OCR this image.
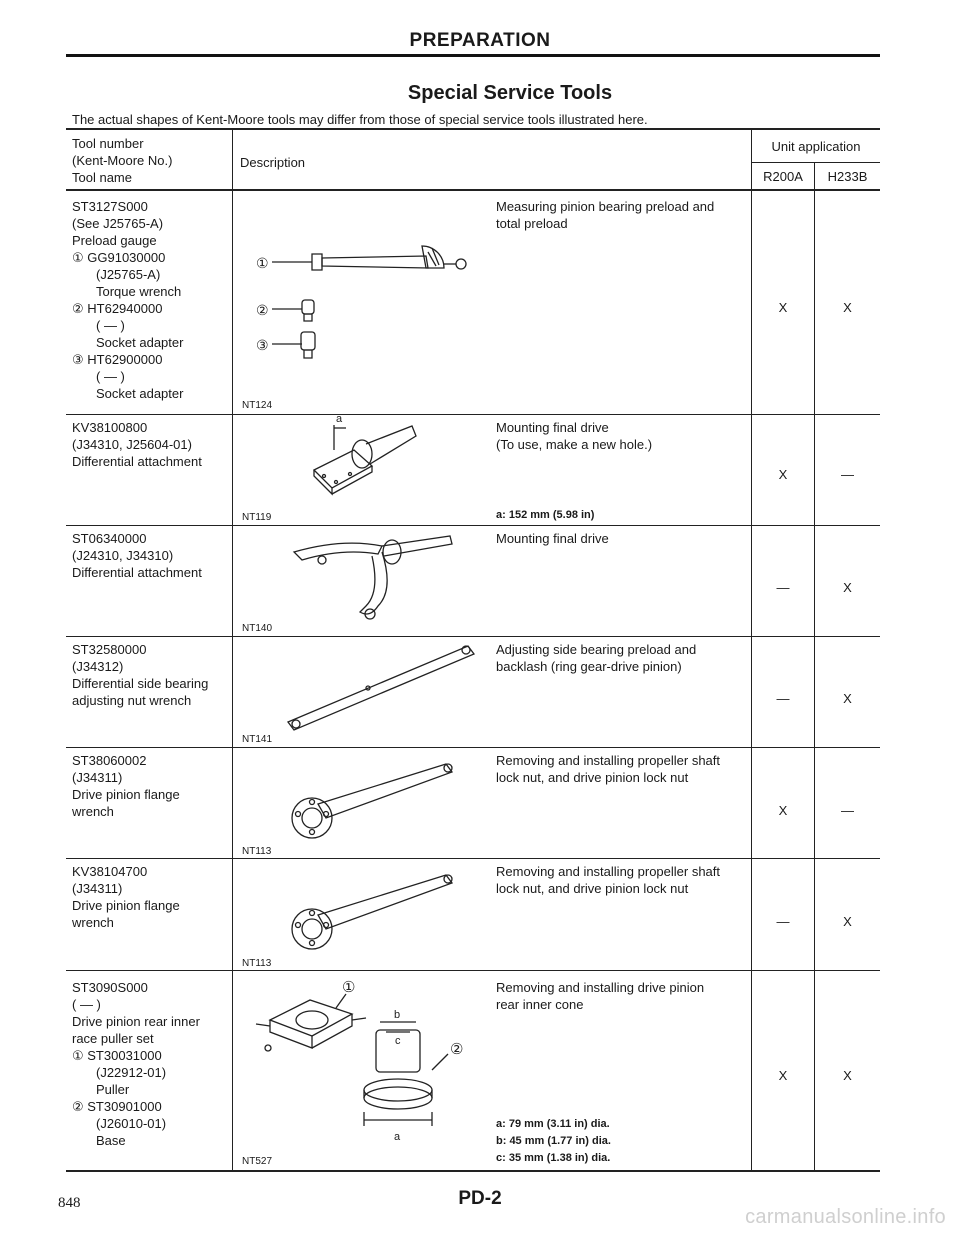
PREPARATION
Special Service Tools
The actual shapes of Kent-Moore tools may differ from those of special service tools illustrated here.
Tool number
(Kent-Moore No.)
Tool name
Description
Unit application
R200A	H233B
ST3127S000
(See J25765-A)
Preload gauge
① GG91030000
(J25765-A)
Torque wrench
② HT62940000
( — )
Socket adapter
③ HT62900000
( — )
Socket adapter
①
②
③
NT124
Measuring pinion bearing preload and
total preload
X	X
KV38100800
(J34310, J25604-01)
Differential attachment
a
NT119
Mounting final drive
(To use, make a new hole.)
a: 152 mm (5.98 in)
X	—
ST06340000
(J24310, J34310)
Differential attachment
NT140
Mounting final drive
—	X
ST32580000
(J34312)
Differential side bearing
adjusting nut wrench
NT141
Adjusting side bearing preload and
backlash (ring gear-drive pinion)
—	X
ST38060002
(J34311)
Drive pinion flange
wrench
NT113
Removing and installing propeller shaft
lock nut, and drive pinion lock nut
X	—
KV38104700
(J34311)
Drive pinion flange
wrench
NT113
Removing and installing propeller shaft
lock nut, and drive pinion lock nut
—	X
ST3090S000
( — )
Drive pinion rear inner
race puller set
① ST30031000
(J22912-01)
Puller
② ST30901000
(J26010-01)
Base
①
②
a
b
c
NT527
Removing and installing drive pinion
rear inner cone
a: 79 mm (3.11 in) dia.
b: 45 mm (1.77 in) dia.
c: 35 mm (1.38 in) dia.
X	X
848	PD-2
carmanualsonline.info
